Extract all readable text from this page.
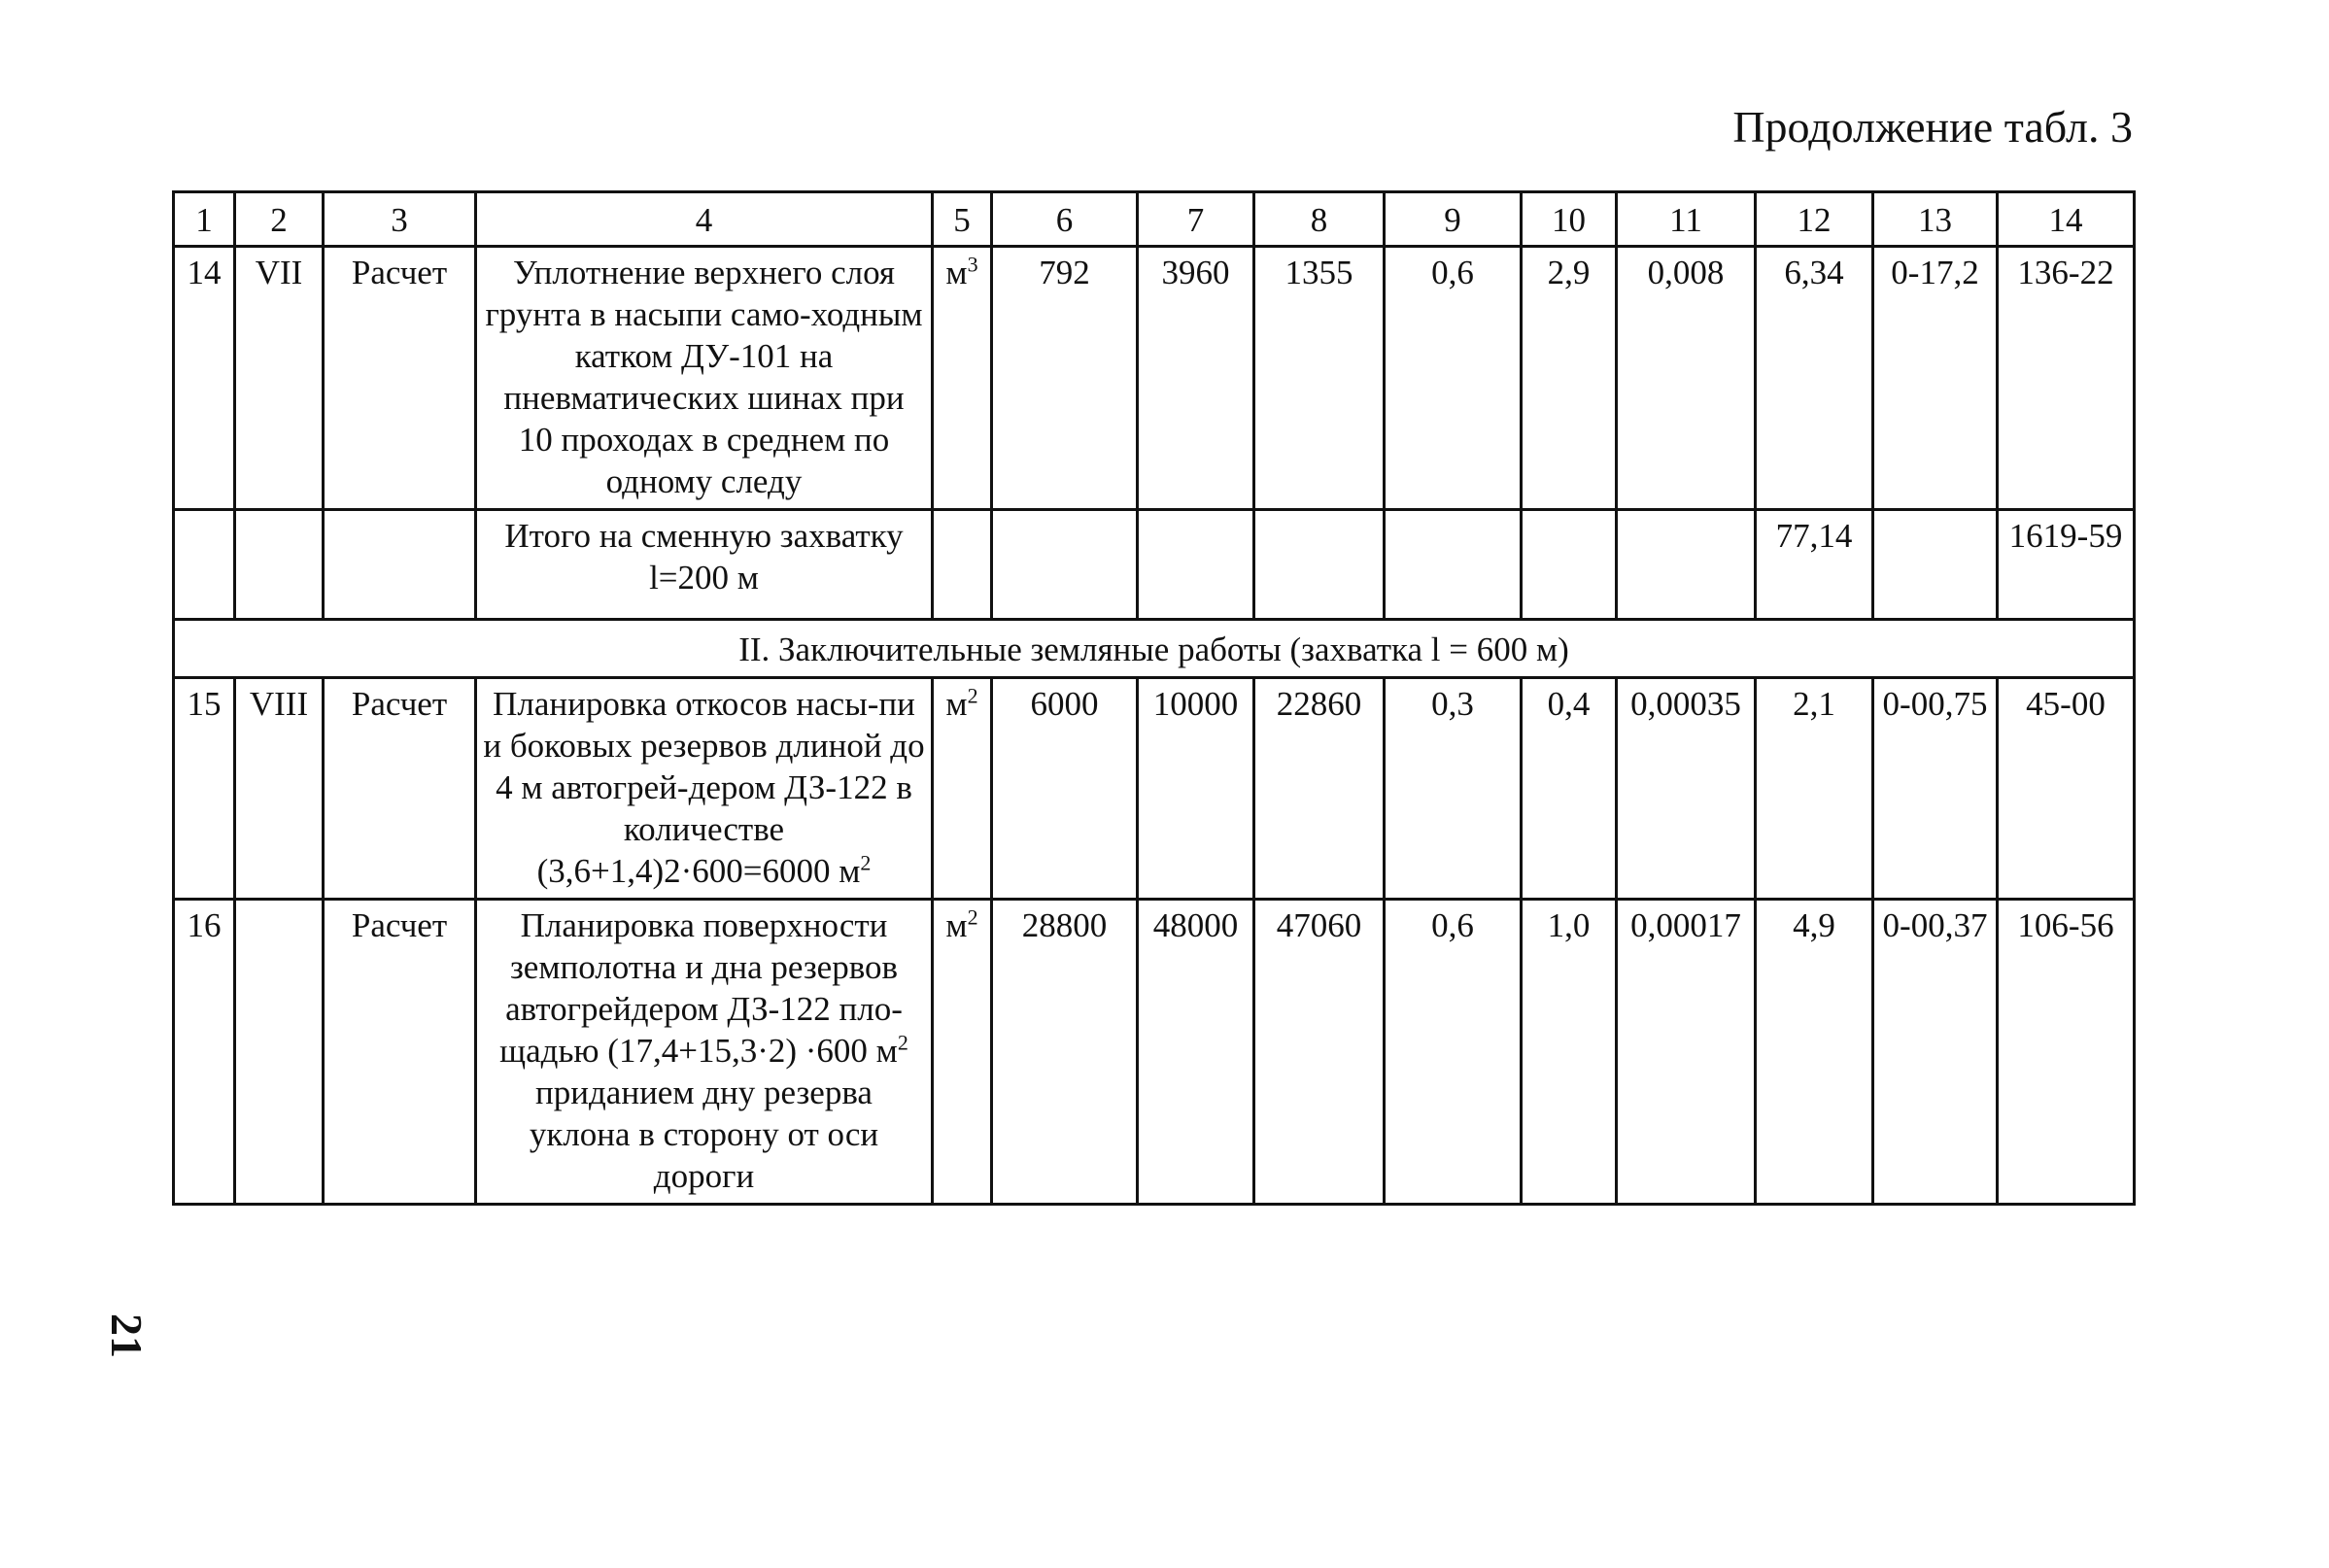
Продолжение табл. 3
1	2	3	4	5	6	7	8	9	10	11	12	13	14
14	VII	Расчет	Уплотнение верхнего слоя грунта в насыпи само-ходным катком ДУ-101 на пневматических шинах при 10 проходах в среднем по одному следу	$м^3$	792	3960	1355	0,6	2,9	0,008	6,34	0-17,2	136-22
			Итого на сменную захватку l=200 м								77,14		1619-59
II. Заключительные земляные работы (захватка l = 600 м)													
15	VIII	Расчет	Планировка откосов насы-пи и боковых резервов длиной до 4 м автогрей-дером ДЗ-122 в количестве (3,6+1,4)2·600=6000 $м^2$	$м^2$	6000	10000	22860	0,3	0,4	0,00035	2,1	0-00,75	45-00
16		Расчет	Планировка поверхности земполотна и дна резервов автогрейдером ДЗ-122 пло-щадью (17,4+15,3·2) ·600 $м^2$ приданием дну резерва уклона в сторону от оси дороги	$м^2$	28800	48000	47060	0,6	1,0	0,00017	4,9	0-00,37	106-56
21
